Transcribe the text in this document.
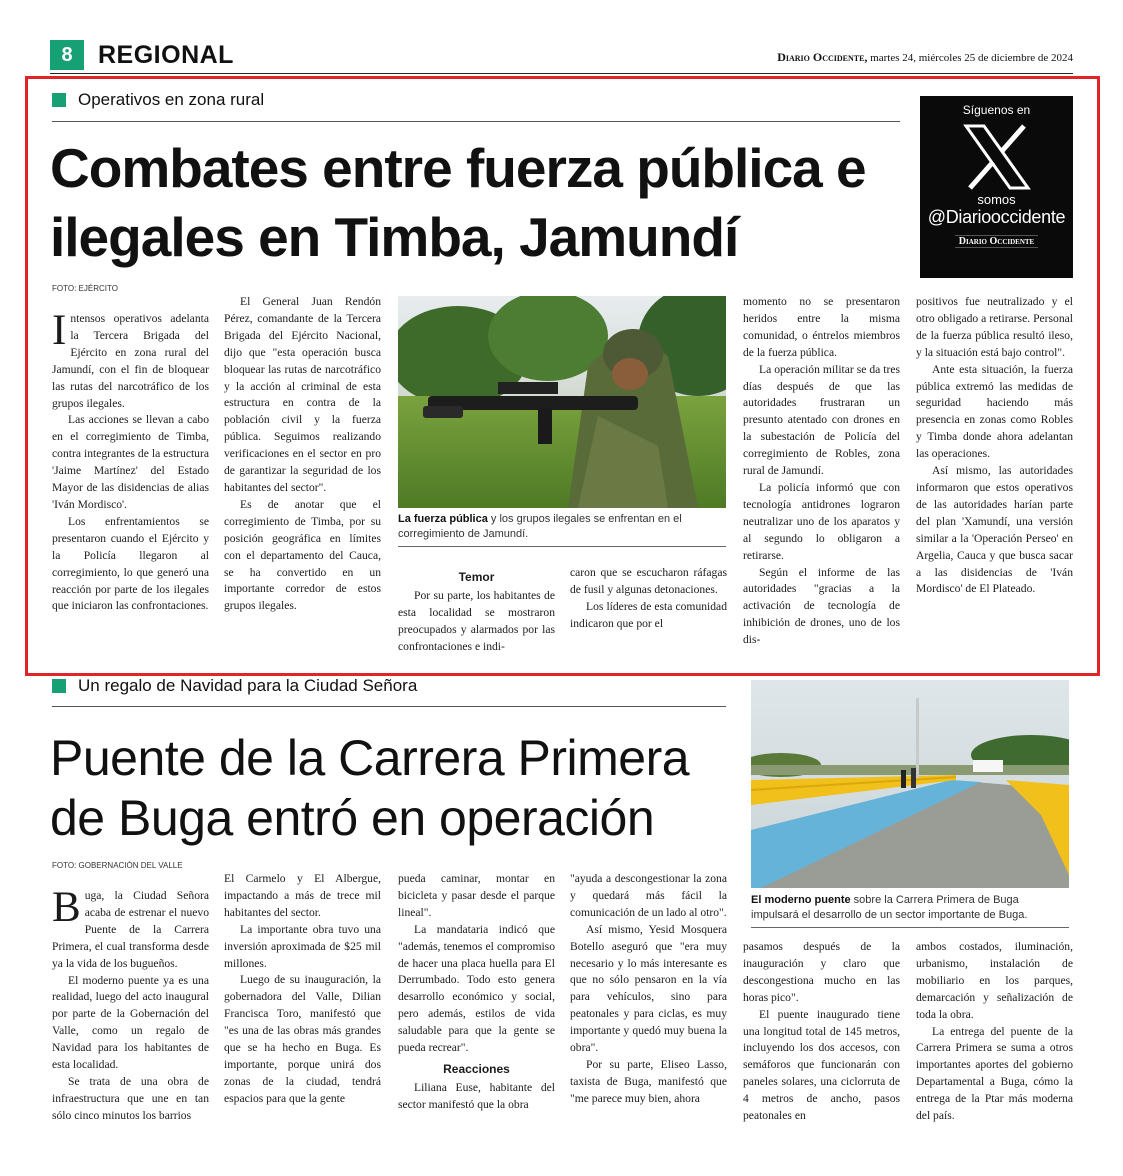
8	REGIONAL	Diario Occidente, martes 24, miércoles 25 de diciembre de 2024
Operativos en zona rural
Combates entre fuerza pública e ilegales en Timba, Jamundí
FOTO: EJÉRCITO

Intensos operativos adelanta la Tercera Brigada del Ejército en zona rural del Jamundí, con el fin de bloquear las rutas del narcotráfico de los grupos ilegales.

Las acciones se llevan a cabo en el corregimiento de Timba, contra integrantes de la estructura 'Jaime Martínez' del Estado Mayor de las disidencias de alias 'Iván Mordisco'.

Los enfrentamientos se presentaron cuando el Ejército y la Policía llegaron al corregimiento, lo que generó una reacción por parte de los ilegales que iniciaron las confrontaciones.

El General Juan Rendón Pérez, comandante de la Tercera Brigada del Ejército Nacional, dijo que "esta operación busca bloquear las rutas de narcotráfico y la acción al criminal de esta estructura en contra de la población civil y la fuerza pública. Seguimos realizando verificaciones en el sector en pro de garantizar la seguridad de los habitantes del sector".

Es de anotar que el corregimiento de Timba, por su posición geográfica en límites con el departamento del Cauca, se ha convertido en un importante corredor de estos grupos ilegales.

La fuerza pública y los grupos ilegales se enfrentan en el corregimiento de Jamundí.

Temor

Por su parte, los habitantes de esta localidad se mostraron preocupados y alarmados por las confrontaciones e indi-

caron que se escucharon ráfagas de fusil y algunas detonaciones.

Los líderes de esta comunidad indicaron que por el

momento no se presentaron heridos entre la misma comunidad, o éntrelos miembros de la fuerza pública.

La operación militar se da tres días después de que las autoridades frustraran un presunto atentado con drones en la subestación de Policía del corregimiento de Robles, zona rural de Jamundí.

La policía informó que con tecnología antidrones lograron neutralizar uno de los aparatos y al segundo lo obligaron a retirarse.

Según el informe de las autoridades "gracias a la activación de tecnología de inhibición de drones, uno de los dis-

positivos fue neutralizado y el otro obligado a retirarse. Personal de la fuerza pública resultó ileso, y la situación está bajo control".

Ante esta situación, la fuerza pública extremó las medidas de seguridad haciendo más presencia en zonas como Robles y Timba donde ahora adelantan las operaciones.

Así mismo, las autoridades informaron que estos operativos de las autoridades harían parte del plan 'Xamundí, una versión similar a la 'Operación Perseo' en Argelia, Cauca y que busca sacar a las disidencias de 'Iván Mordisco' de El Plateado.

Síguenos en
somos
@Diariooccidente
Diario Occidente
Un regalo de Navidad para la Ciudad Señora
Puente de la Carrera Primera de Buga entró en operación
FOTO: GOBERNACIÓN DEL VALLE

Buga, la Ciudad Señora acaba de estrenar el nuevo Puente de la Carrera Primera, el cual transforma desde ya la vida de los bugueños.

El moderno puente ya es una realidad, luego del acto inaugural por parte de la Gobernación del Valle, como un regalo de Navidad para los habitantes de esta localidad.

Se trata de una obra de infraestructura que une en tan sólo cinco minutos los barrios

El Carmelo y El Albergue, impactando a más de trece mil habitantes del sector.

La importante obra tuvo una inversión aproximada de $25 mil millones.

Luego de su inauguración, la gobernadora del Valle, Dilian Francisca Toro, manifestó que "es una de las obras más grandes que se ha hecho en Buga. Es importante, porque unirá dos zonas de la ciudad, tendrá espacios para que la gente

pueda caminar, montar en bicicleta y pasar desde el parque lineal".

La mandataria indicó que "además, tenemos el compromiso de hacer una placa huella para El Derrumbado. Todo esto genera desarrollo económico y social, pero además, estilos de vida saludable para que la gente se pueda recrear".

Reacciones

Liliana Euse, habitante del sector manifestó que la obra

"ayuda a descongestionar la zona y quedará más fácil la comunicación de un lado al otro".

Así mismo, Yesid Mosquera Botello aseguró que "era muy necesario y lo más interesante es que no sólo pensaron en la vía para vehículos, sino para peatonales y para ciclas, es muy importante y quedó muy buena la obra".

Por su parte, Eliseo Lasso, taxista de Buga, manifestó que "me parece muy bien, ahora

El moderno puente sobre la Carrera Primera de Buga impulsará el desarrollo de un sector importante de Buga.

pasamos después de la inauguración y claro que descongestiona mucho en las horas pico".

El puente inaugurado tiene una longitud total de 145 metros, incluyendo los dos accesos, con semáforos que funcionarán con paneles solares, una ciclorruta de 4 metros de ancho, pasos peatonales en

ambos costados, iluminación, urbanismo, instalación de mobiliario en los parques, demarcación y señalización de toda la obra.

La entrega del puente de la Carrera Primera se suma a otros importantes aportes del gobierno Departamental a Buga, cómo la entrega de la Ptar más moderna del país.
